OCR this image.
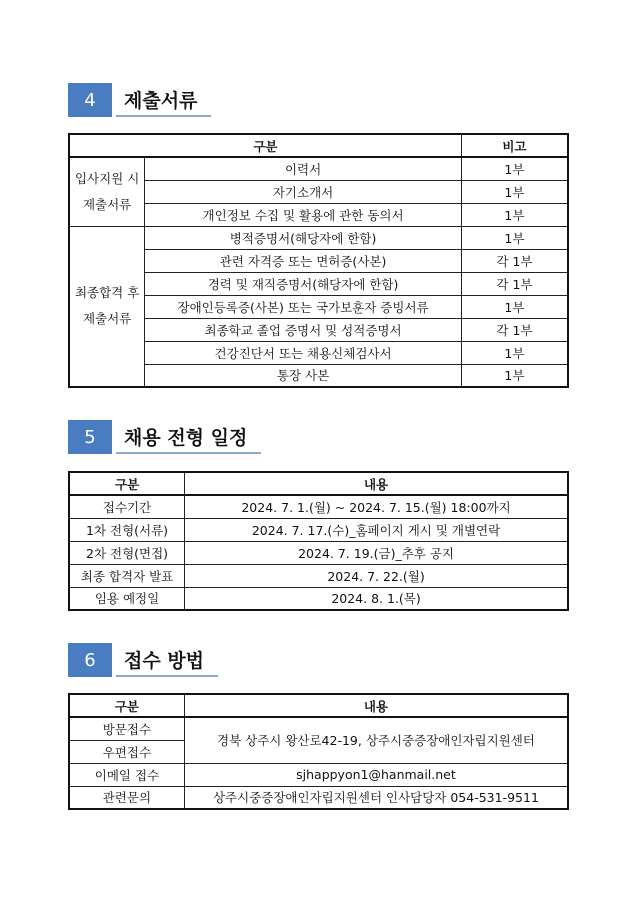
4	제출서류
구분		비고
입사지원 시
제출서류	이력서	1부
	자기소개서	1부
	개인정보 수집 및 활용에 관한 동의서	1부
최종합격 후
제출서류	병적증명서(해당자에 한함)	1부
	관련 자격증 또는 면허증(사본)	각 1부
	경력 및 재직증명서(해당자에 한함)	각 1부
	장애인등록증(사본) 또는 국가보훈자 증빙서류	1부
	최종학교 졸업 증명서 및 성적증명서	각 1부
	건강진단서 또는 채용신체검사서	1부
	통장 사본	1부
5	채용 전형 일정
구분	내용
접수기간	2024. 7. 1.(월) ~ 2024. 7. 15.(월) 18:00까지
1차 전형(서류)	2024. 7. 17.(수)_홈페이지 게시 및 개별연락
2차 전형(면접)	2024. 7. 19.(금)_추후 공지
최종 합격자 발표	2024. 7. 22.(월)
임용 예정일	2024. 8. 1.(목)
6	접수 방법
구분	내용
방문접수	경북 상주시 왕산로42-19, 상주시중증장애인자립지원센터
우편접수	
이메일 접수	sjhappyon1@hanmail.net
관련문의	상주시중증장애인자립지원센터 인사담당자 054-531-9511
